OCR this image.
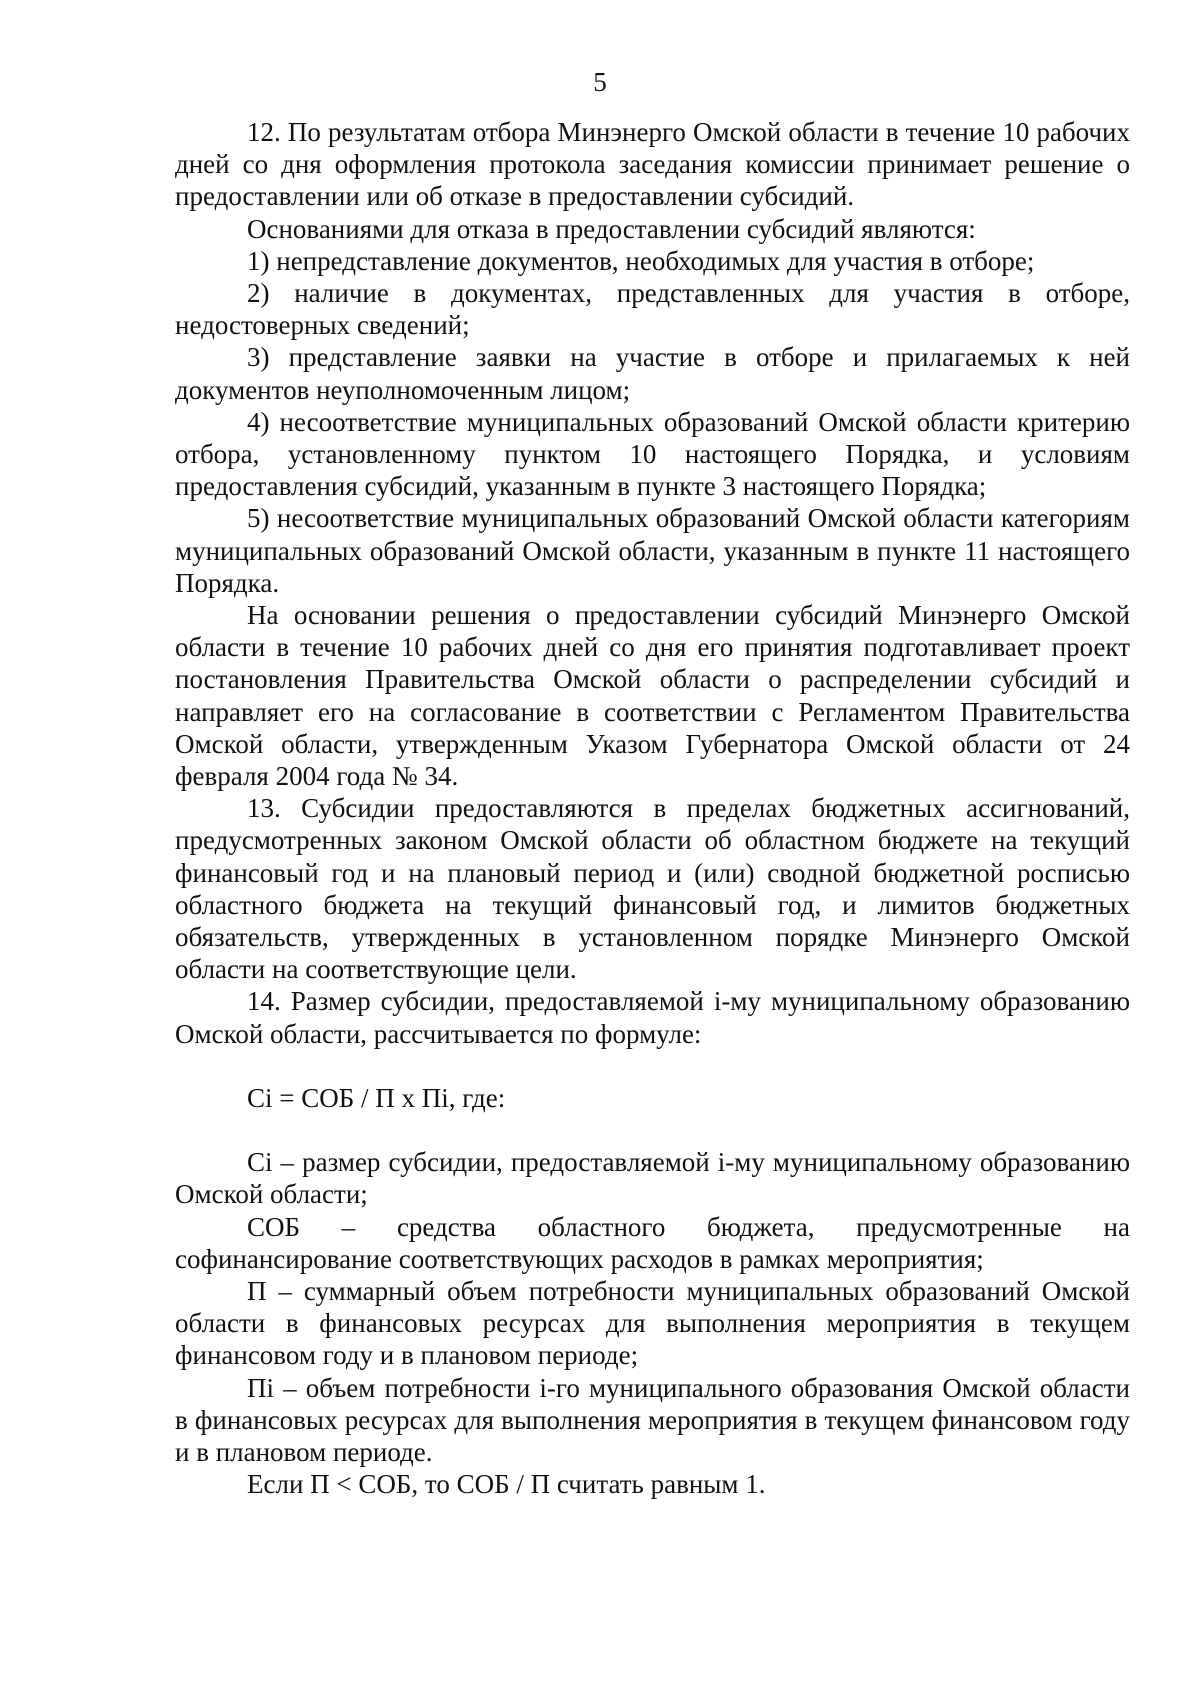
5

12. По результатам отбора Минэнерго Омской области в течение 10 рабочих дней со дня оформления протокола заседания комиссии принимает решение о предоставлении или об отказе в предоставлении субсидий.

Основаниями для отказа в предоставлении субсидий являются:

1) непредставление документов, необходимых для участия в отборе;

2) наличие в документах, представленных для участия в отборе, недостоверных сведений;

3) представление заявки на участие в отборе и прилагаемых к ней документов неуполномоченным лицом;

4) несоответствие муниципальных образований Омской области критерию отбора, установленному пунктом 10 настоящего Порядка, и условиям предоставления субсидий, указанным в пункте 3 настоящего Порядка;

5) несоответствие муниципальных образований Омской области категориям муниципальных образований Омской области, указанным в пункте 11 настоящего Порядка.

На основании решения о предоставлении субсидий Минэнерго Омской области в течение 10 рабочих дней со дня его принятия подготавливает проект постановления Правительства Омской области о распределении субсидий и направляет его на согласование в соответствии с Регламентом Правительства Омской области, утвержденным Указом Губернатора Омской области от 24 февраля 2004 года № 34.

13. Субсидии предоставляются в пределах бюджетных ассигнований, предусмотренных законом Омской области об областном бюджете на текущий финансовый год и на плановый период и (или) сводной бюджетной росписью областного бюджета на текущий финансовый год, и лимитов бюджетных обязательств, утвержденных в установленном порядке Минэнерго Омской области на соответствующие цели.

14. Размер субсидии, предоставляемой i-му муниципальному образованию Омской области, рассчитывается по формуле:

Ci = СОБ / П х Пi, где:

Ci – размер субсидии, предоставляемой i-му муниципальному образованию Омской области;

СОБ – средства областного бюджета, предусмотренные на софинансирование соответствующих расходов в рамках мероприятия;

П – суммарный объем потребности муниципальных образований Омской области в финансовых ресурсах для выполнения мероприятия в текущем финансовом году и в плановом периоде;

Пi – объем потребности i-го муниципального образования Омской области в финансовых ресурсах для выполнения мероприятия в текущем финансовом году и в плановом периоде.

Если П < СОБ, то СОБ / П считать равным 1.
